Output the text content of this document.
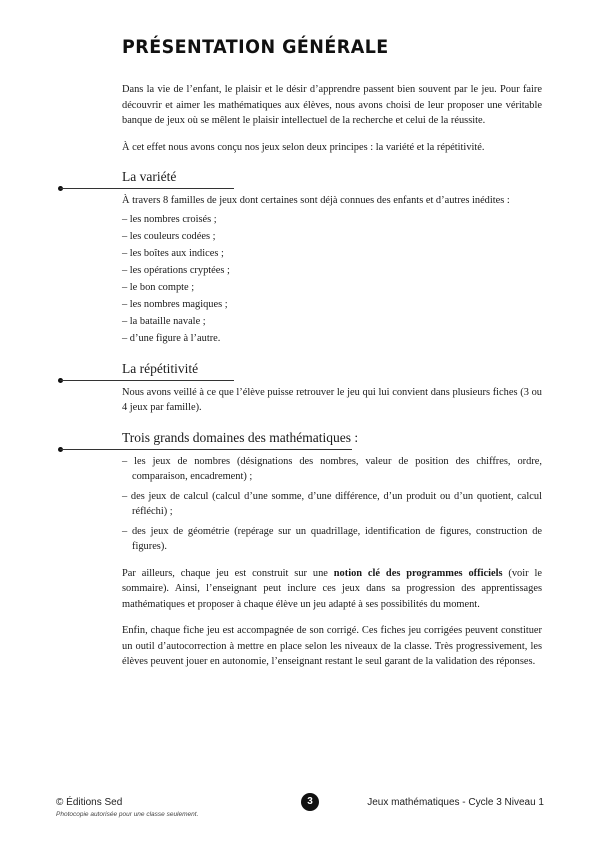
PRÉSENTATION GÉNÉRALE

Dans la vie de l’enfant, le plaisir et le désir d’apprendre passent bien souvent par le jeu. Pour faire découvrir et aimer les mathématiques aux élèves, nous avons choisi de leur proposer une véritable banque de jeux où se mêlent le plaisir intellectuel de la recherche et celui de la réussite.

À cet effet nous avons conçu nos jeux selon deux principes : la variété et la répétitivité.

La variété

À travers 8 familles de jeux dont certaines sont déjà connues des enfants et d’autres inédites :

– les nombres croisés ;
– les couleurs codées ;
– les boîtes aux indices ;
– les opérations cryptées ;
– le bon compte ;
– les nombres magiques ;
– la bataille navale ;
– d’une figure à l’autre.
La répétitivité

Nous avons veillé à ce que l’élève puisse retrouver le jeu qui lui convient dans plusieurs fiches (3 ou 4 jeux par famille).

Trois grands domaines des mathématiques :
– les jeux de nombres (désignations des nombres, valeur de position des chiffres, ordre, comparaison, encadrement) ;
– des jeux de calcul (calcul d’une somme, d’une différence, d’un produit ou d’un quotient, calcul réfléchi) ;
– des jeux de géométrie (repérage sur un quadrillage, identification de figures, construction de figures).

Par ailleurs, chaque jeu est construit sur une notion clé des programmes officiels (voir le sommaire). Ainsi, l’enseignant peut inclure ces jeux dans sa progression des apprentissages mathématiques et proposer à chaque élève un jeu adapté à ses possibilités du moment.

Enfin, chaque fiche jeu est accompagnée de son corrigé. Ces fiches jeu corrigées peuvent constituer un outil d’autocorrection à mettre en place selon les niveaux de la classe. Très progressivement, les élèves peuvent jouer en autonomie, l’enseignant restant le seul garant de la validation des réponses.

© Éditions Sed
Photocopie autorisée pour une classe seulement.
3	Jeux mathématiques - Cycle 3 Niveau 1
